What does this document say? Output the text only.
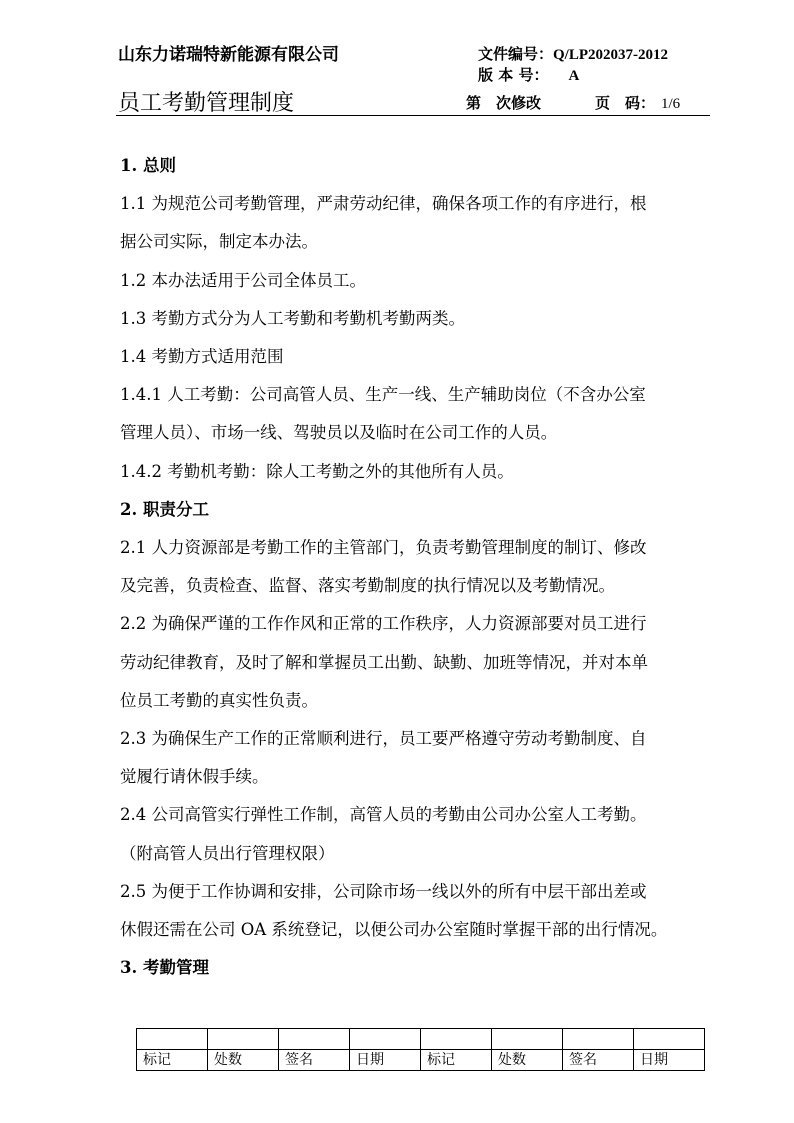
山东力诺瑞特新能源有限公司
员工考勤管理制度
文件编号：Q/LP202037-2012
版 本 号： A
第　次修改	页　码： 1/6
1. 总则
1.1 为规范公司考勤管理，严肃劳动纪律，确保各项工作的有序进行，根
据公司实际，制定本办法。
1.2 本办法适用于公司全体员工。
1.3 考勤方式分为人工考勤和考勤机考勤两类。
1.4 考勤方式适用范围
1.4.1 人工考勤：公司高管人员、生产一线、生产辅助岗位（不含办公室
管理人员）、市场一线、驾驶员以及临时在公司工作的人员。
1.4.2 考勤机考勤：除人工考勤之外的其他所有人员。
2. 职责分工
2.1 人力资源部是考勤工作的主管部门，负责考勤管理制度的制订、修改
及完善，负责检查、监督、落实考勤制度的执行情况以及考勤情况。
2.2 为确保严谨的工作作风和正常的工作秩序，人力资源部要对员工进行
劳动纪律教育，及时了解和掌握员工出勤、缺勤、加班等情况，并对本单
位员工考勤的真实性负责。
2.3 为确保生产工作的正常顺利进行，员工要严格遵守劳动考勤制度、自
觉履行请休假手续。
2.4 公司高管实行弹性工作制，高管人员的考勤由公司办公室人工考勤。
（附高管人员出行管理权限）
2.5 为便于工作协调和安排，公司除市场一线以外的所有中层干部出差或
休假还需在公司 OA 系统登记，以便公司办公室随时掌握干部的出行情况。
3. 考勤管理

标记	处数	签名	日期	标记	处数	签名	日期
